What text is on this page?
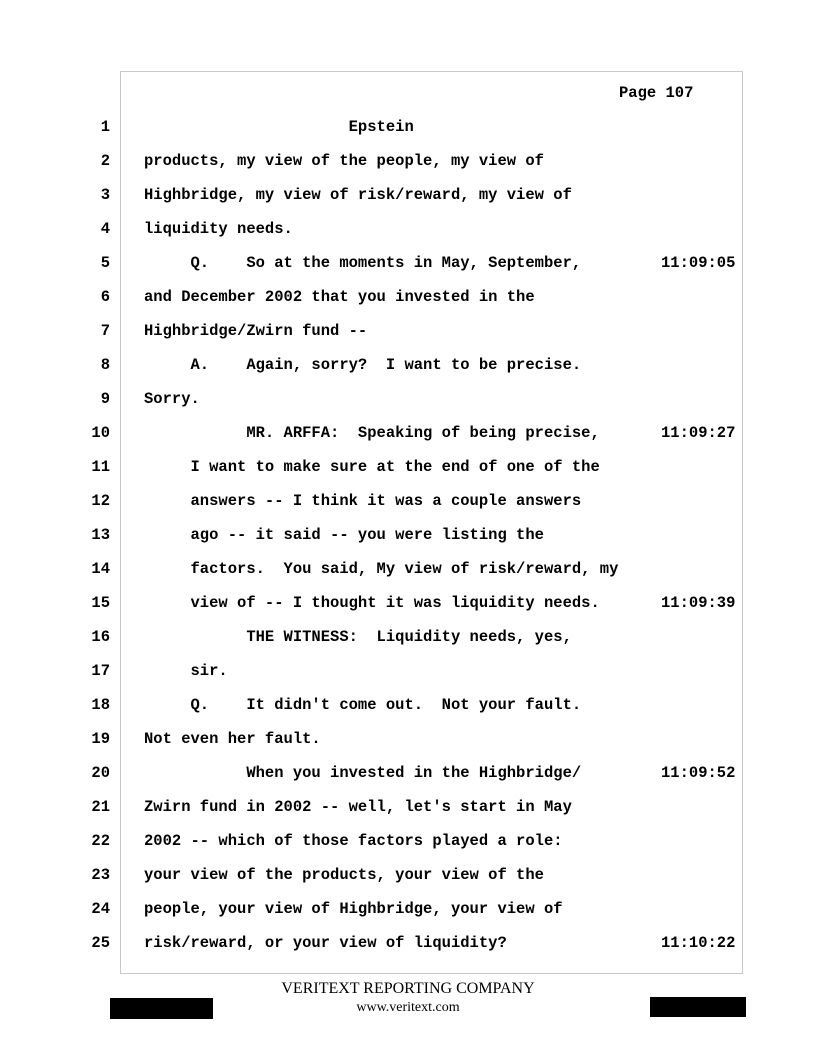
Page 107
1 Epstein
2 products, my view of the people, my view of
3 Highbridge, my view of risk/reward, my view of
4 liquidity needs.
5 Q.    So at the moments in May, September,	11:09:05
6 and December 2002 that you invested in the
7 Highbridge/Zwirn fund --
8 A.    Again, sorry?  I want to be precise.
9 Sorry.
10 MR. ARFFA:  Speaking of being precise,	11:09:27
11 I want to make sure at the end of one of the
12 answers -- I think it was a couple answers
13 ago -- it said -- you were listing the
14 factors.  You said, My view of risk/reward, my
15 view of -- I thought it was liquidity needs.	11:09:39
16 THE WITNESS:  Liquidity needs, yes,
17 sir.
18 Q.    It didn't come out.  Not your fault.
19 Not even her fault.
20 When you invested in the Highbridge/	11:09:52
21 Zwirn fund in 2002 -- well, let's start in May
22 2002 -- which of those factors played a role:
23 your view of the products, your view of the
24 people, your view of Highbridge, your view of
25 risk/reward, or your view of liquidity?	11:10:22
VERITEXT REPORTING COMPANY
www.veritext.com
